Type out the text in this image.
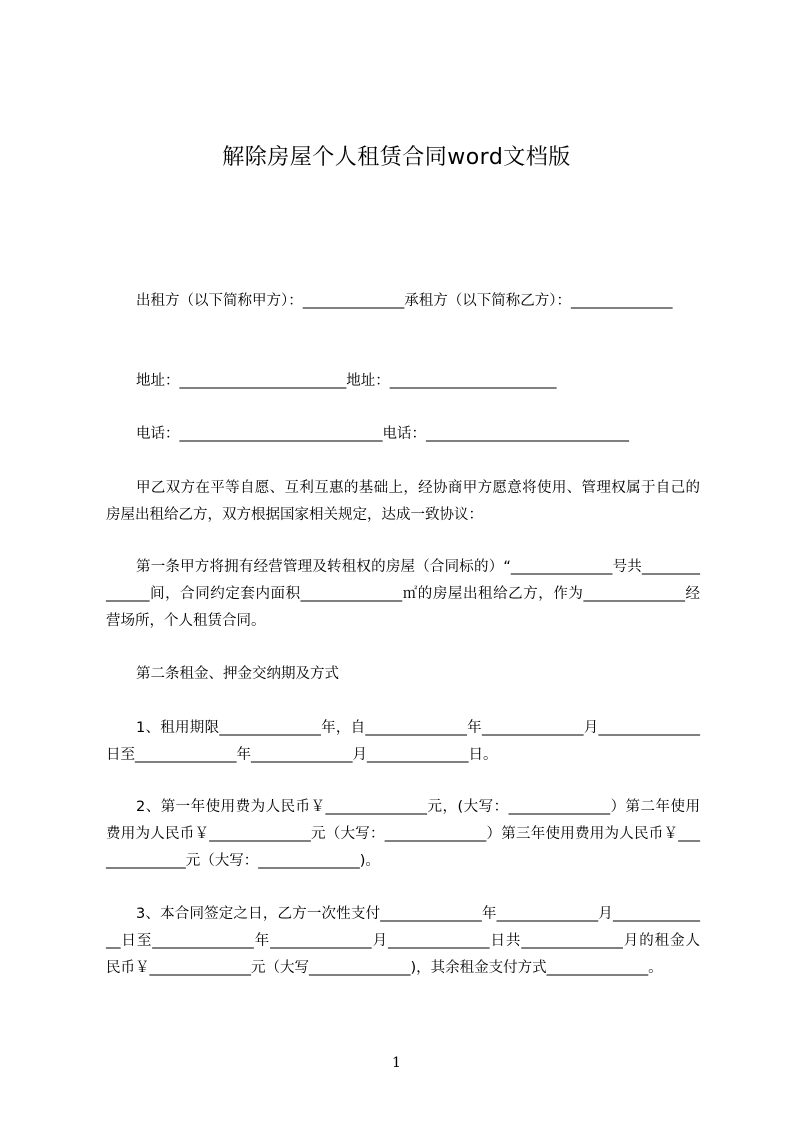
解除房屋个人租赁合同word文档版

出租方（以下简称甲方）：______________承租方（以下简称乙方）：______________

地址：_______________________地址：_______________________

电话：____________________________电话：____________________________

甲乙双方在平等自愿、互利互惠的基础上，经协商甲方愿意将使用、管理权属于自己的房屋出租给乙方，双方根据国家相关规定，达成一致协议：

第一条甲方将拥有经营管理及转租权的房屋（合同标的）“______________号共______________间，合同约定套内面积______________㎡的房屋出租给乙方，作为______________经营场所，个人租赁合同。

第二条租金、押金交纳期及方式

1、租用期限______________年，自______________年______________月______________日至______________年______________月______________日。

2、第一年使用费为人民币￥______________元，(大写：______________）第二年使用费用为人民币￥______________元（大写：______________）第三年使用费用为人民币￥______________元（大写：______________)。

3、本合同签定之日，乙方一次性支付______________年______________月______________日至______________年______________月______________日共______________月的租金人民币￥______________元（大写______________)，其余租金支付方式______________。

1
